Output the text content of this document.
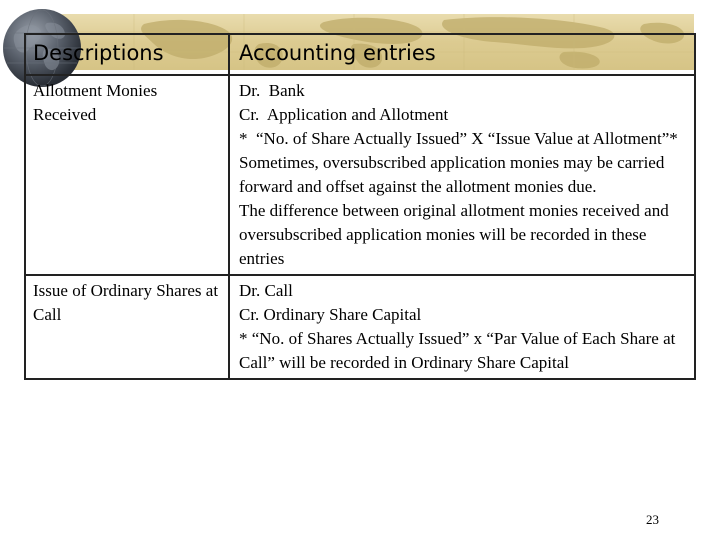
Descriptions	Accounting entries
Allotment Monies Received	Dr.  Bank
Cr.  Application and Allotment
*  “No. of Share Actually Issued” X “Issue Value at Allotment”*  Sometimes, oversubscribed application monies may be carried forward and offset against the allotment monies due.
The difference between original allotment monies received and oversubscribed application monies will be recorded in these entries

Issue of Ordinary Shares at Call	Dr. Call
Cr. Ordinary Share Capital
* “No. of Shares Actually Issued” x “Par Value of Each Share at Call” will be recorded in Ordinary Share Capital
23
